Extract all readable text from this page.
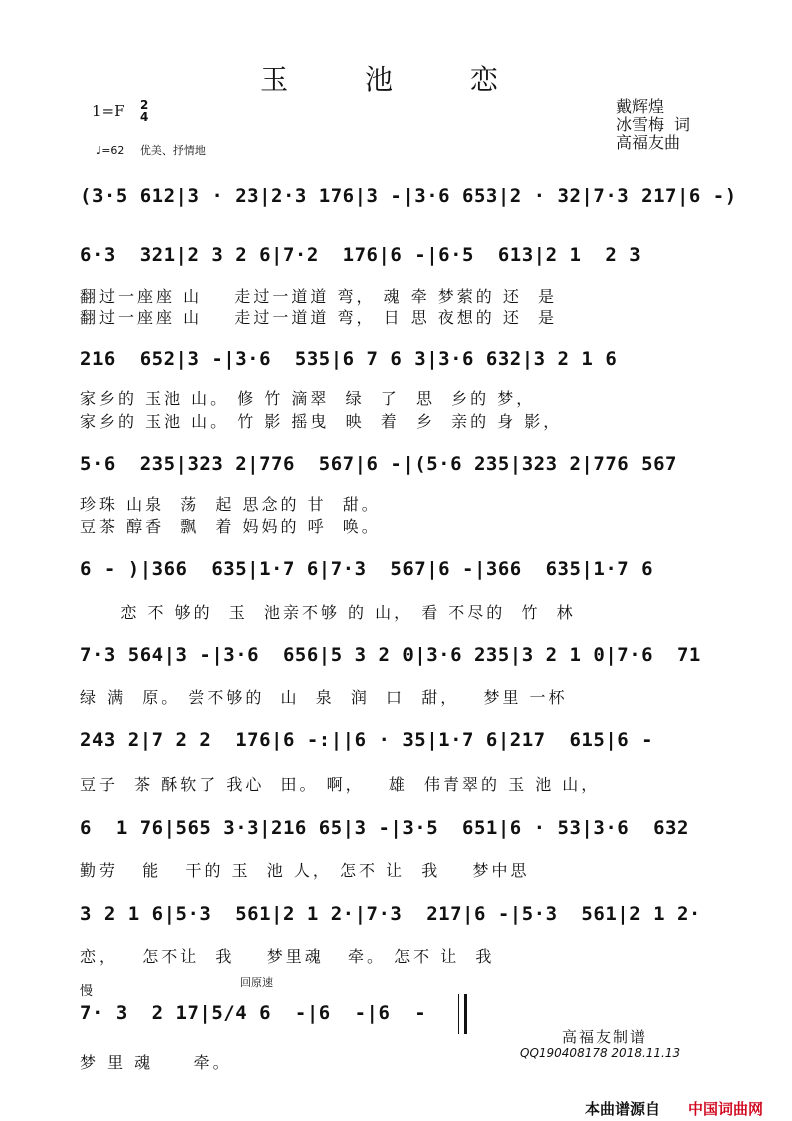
玉 池 恋
1=F 2
4
♩=62 优美、抒情地
戴辉煌
冰雪梅 词
高福友曲
(3·5 612|3 · 23|2·3 176|3 -|3·6 653|2 · 32|7·3 217|6 -)
6·3  321|2 3 2 6|7·2  176|6 -|6·5  613|2 1  2 3
翻过一座座 山    走过一道道 弯， 魂 牵 梦萦的 还  是
翻过一座座 山    走过一道道 弯， 日 思 夜想的 还  是
216  652|3 -|3·6  535|6 7 6 3|3·6 632|3 2 1 6
家乡的 玉池 山。 修 竹 滴翠  绿  了  思  乡的 梦，
家乡的 玉池 山。 竹 影 摇曳  映  着  乡  亲的 身 影，
5·6  235|323 2|776  567|6 -|(5·6 235|323 2|776 567
珍珠 山泉  荡  起 思念的 甘  甜。
豆茶 醇香  飘  着 妈妈的 呼  唤。
6 - )|366  635|1·7 6|7·3  567|6 -|366  635|1·7 6
恋 不 够的  玉  池亲不够 的 山， 看 不尽的  竹  林
7·3 564|3 -|3·6  656|5 3 2 0|3·6 235|3 2 1 0|7·6  71
绿 满  原。 尝不够的  山  泉  润  口  甜，   梦里 一杯
243 2|7 2 2  176|6 -:||6 · 35|1·7 6|217  615|6 -
豆子  茶 酥软了 我心  田。 啊，   雄  伟青翠的 玉 池 山，
6  1 76|565 3·3|216 65|3 -|3·5  651|6 · 53|3·6  632
勤劳   能   干的 玉  池 人， 怎不 让  我    梦中思
3 2 1 6|5·3  561|2 1 2·|7·3  217|6 -|5·3  561|2 1 2·
恋，   怎不让  我    梦里魂   牵。 怎不 让  我
慢
回原速
7· 3  2 17|5/4 6  -|6  -|6  -
梦 里 魂     牵。
高福友制谱
QQ190408178 2018.11.13
本曲谱源自 中国词曲网
